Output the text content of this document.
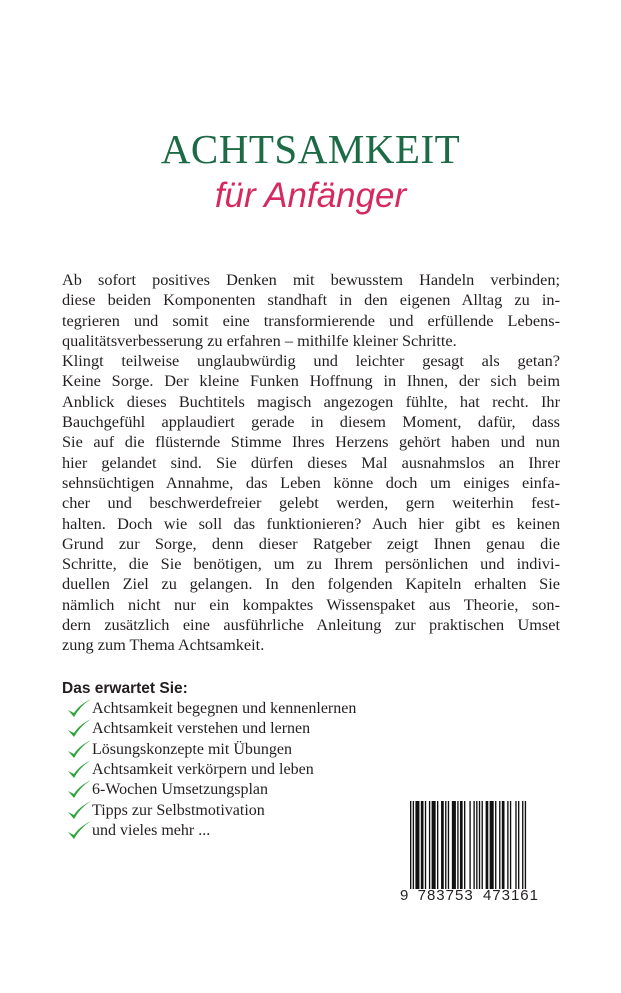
ACHTSAMKEIT
für Anfänger
Ab sofort positives Denken mit bewusstem Handeln verbinden;
diese beiden Komponenten standhaft in den eigenen Alltag zu in-
tegrieren und somit eine transformierende und erfüllende Lebens-
qualitätsverbesserung zu erfahren – mithilfe kleiner Schritte.
Klingt teilweise unglaubwürdig und leichter gesagt als getan?
Keine Sorge. Der kleine Funken Hoffnung in Ihnen, der sich beim
Anblick dieses Buchtitels magisch angezogen fühlte, hat recht. Ihr
Bauchgefühl applaudiert gerade in diesem Moment, dafür, dass
Sie auf die flüsternde Stimme Ihres Herzens gehört haben und nun
hier gelandet sind. Sie dürfen dieses Mal ausnahmslos an Ihrer
sehnsüchtigen Annahme, das Leben könne doch um einiges einfa-
cher und beschwerdefreier gelebt werden, gern weiterhin fest-
halten. Doch wie soll das funktionieren? Auch hier gibt es keinen
Grund zur Sorge, denn dieser Ratgeber zeigt Ihnen genau die
Schritte, die Sie benötigen, um zu Ihrem persönlichen und indivi-
duellen Ziel zu gelangen. In den folgenden Kapiteln erhalten Sie
nämlich nicht nur ein kompaktes Wissenspaket aus Theorie, son-
dern zusätzlich eine ausführliche Anleitung zur praktischen Umset
zung zum Thema Achtsamkeit.
Das erwartet Sie:
Achtsamkeit begegnen und kennenlernen
Achtsamkeit verstehen und lernen
Lösungskonzepte mit Übungen
Achtsamkeit verkörpern und leben
6-Wochen Umsetzungsplan
Tipps zur Selbstmotivation
und vieles mehr ...
9 783753 473161
